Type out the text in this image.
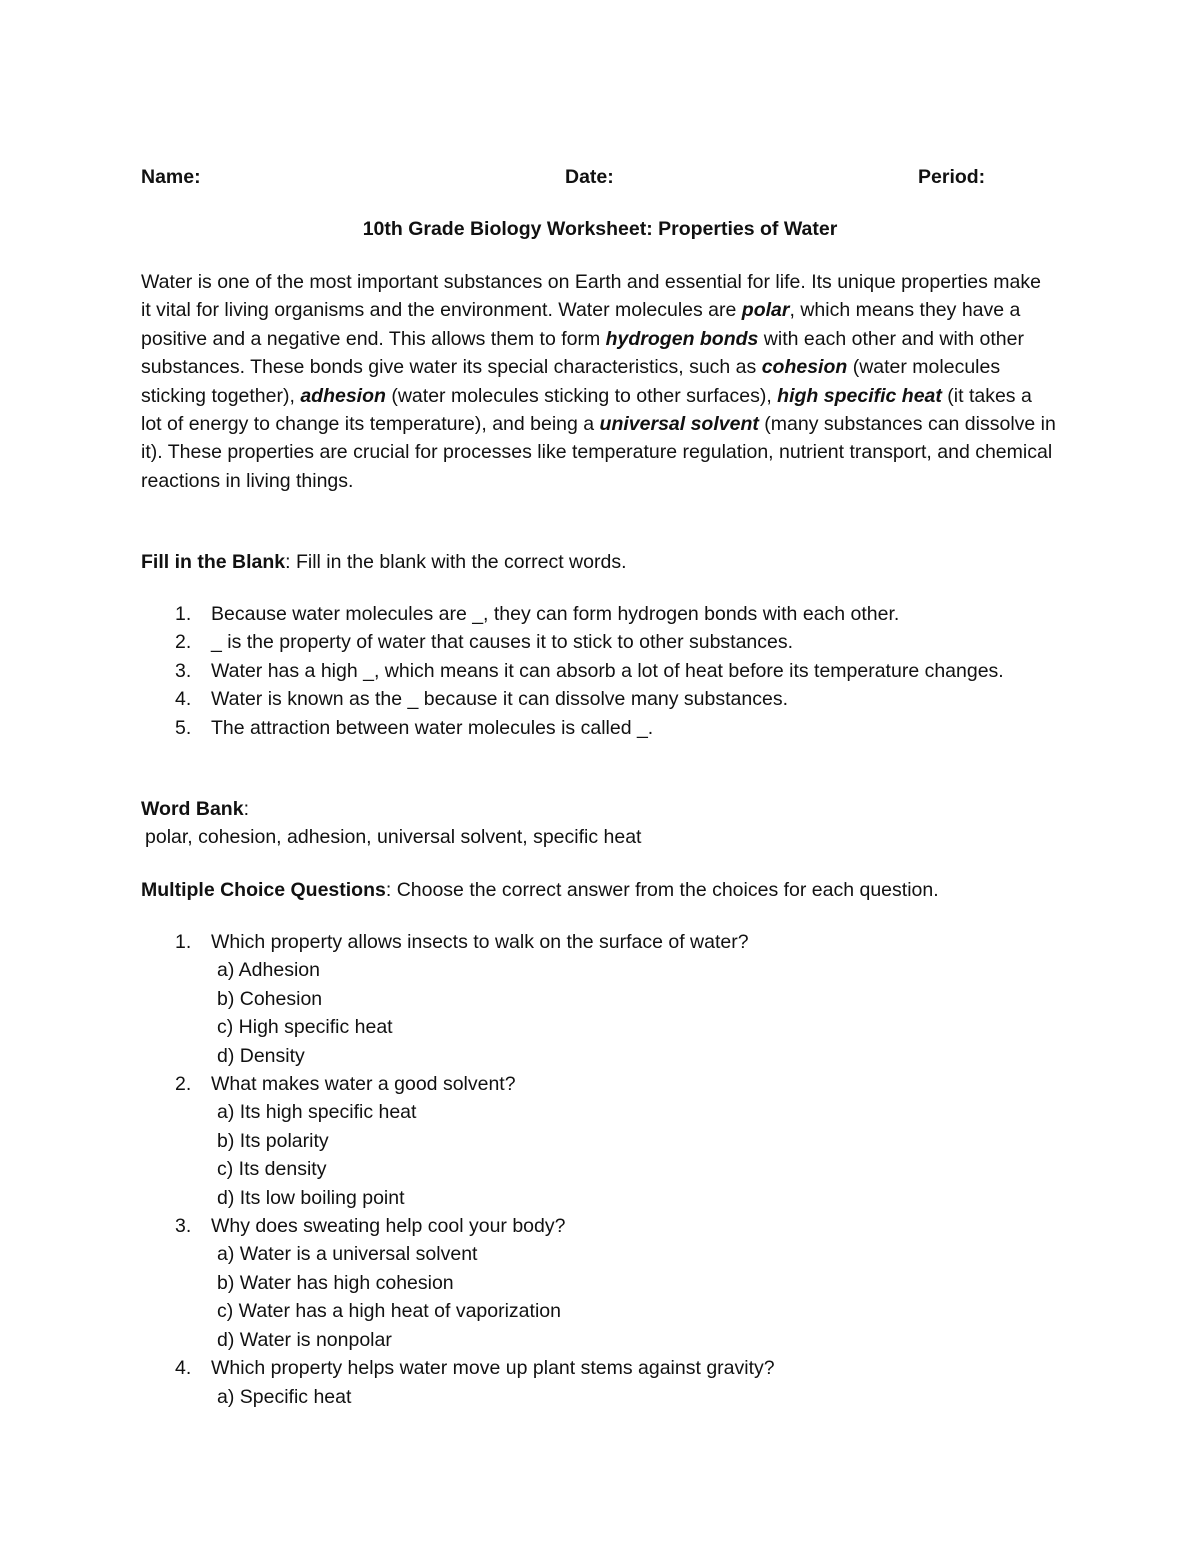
Name:	Date:	Period:
10th Grade Biology Worksheet: Properties of Water

Water is one of the most important substances on Earth and essential for life. Its unique properties make it vital for living organisms and the environment. Water molecules are polar, which means they have a positive and a negative end. This allows them to form hydrogen bonds with each other and with other substances. These bonds give water its special characteristics, such as cohesion (water molecules sticking together), adhesion (water molecules sticking to other surfaces), high specific heat (it takes a lot of energy to change its temperature), and being a universal solvent (many substances can dissolve in it). These properties are crucial for processes like temperature regulation, nutrient transport, and chemical reactions in living things.

Fill in the Blank: Fill in the blank with the correct words.
1. Because water molecules are _, they can form hydrogen bonds with each other.
2. _ is the property of water that causes it to stick to other substances.
3. Water has a high _, which means it can absorb a lot of heat before its temperature changes.
4. Water is known as the _ because it can dissolve many substances.
5. The attraction between water molecules is called _.
Word Bank:
polar, cohesion, adhesion, universal solvent, specific heat
Multiple Choice Questions: Choose the correct answer from the choices for each question.
1. Which property allows insects to walk on the surface of water?
a) Adhesion
b) Cohesion
c) High specific heat
d) Density
2. What makes water a good solvent?
a) Its high specific heat
b) Its polarity
c) Its density
d) Its low boiling point
3. Why does sweating help cool your body?
a) Water is a universal solvent
b) Water has high cohesion
c) Water has a high heat of vaporization
d) Water is nonpolar
4. Which property helps water move up plant stems against gravity?
a) Specific heat
